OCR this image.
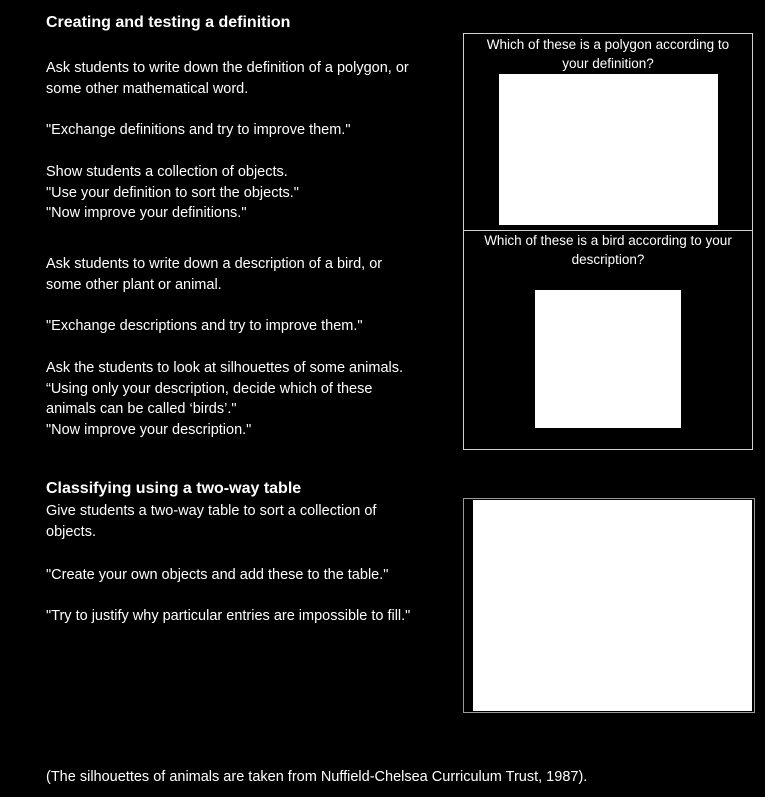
Creating and testing a definition
Ask students to write down the definition of a polygon, or
some other mathematical word.
"Exchange definitions and try to improve them."
Show students a collection of objects.
"Use your definition to sort the objects."
"Now improve your definitions."
Ask students to write down a description of a bird, or
some other plant or animal.
"Exchange descriptions and try to improve them."
Ask the students to look at silhouettes of some animals.
“Using only your description, decide which of these
animals can be called ‘birds’."
"Now improve your description."
Which of these is a polygon according to
your definition?
Which of these is a bird according to your
description?
Classifying using a two-way table
Give students a two-way table to sort a collection of
objects.
"Create your own objects and add these to the table."
"Try to justify why particular entries are impossible to fill."
(The silhouettes of animals are taken from Nuffield-Chelsea Curriculum Trust, 1987).
